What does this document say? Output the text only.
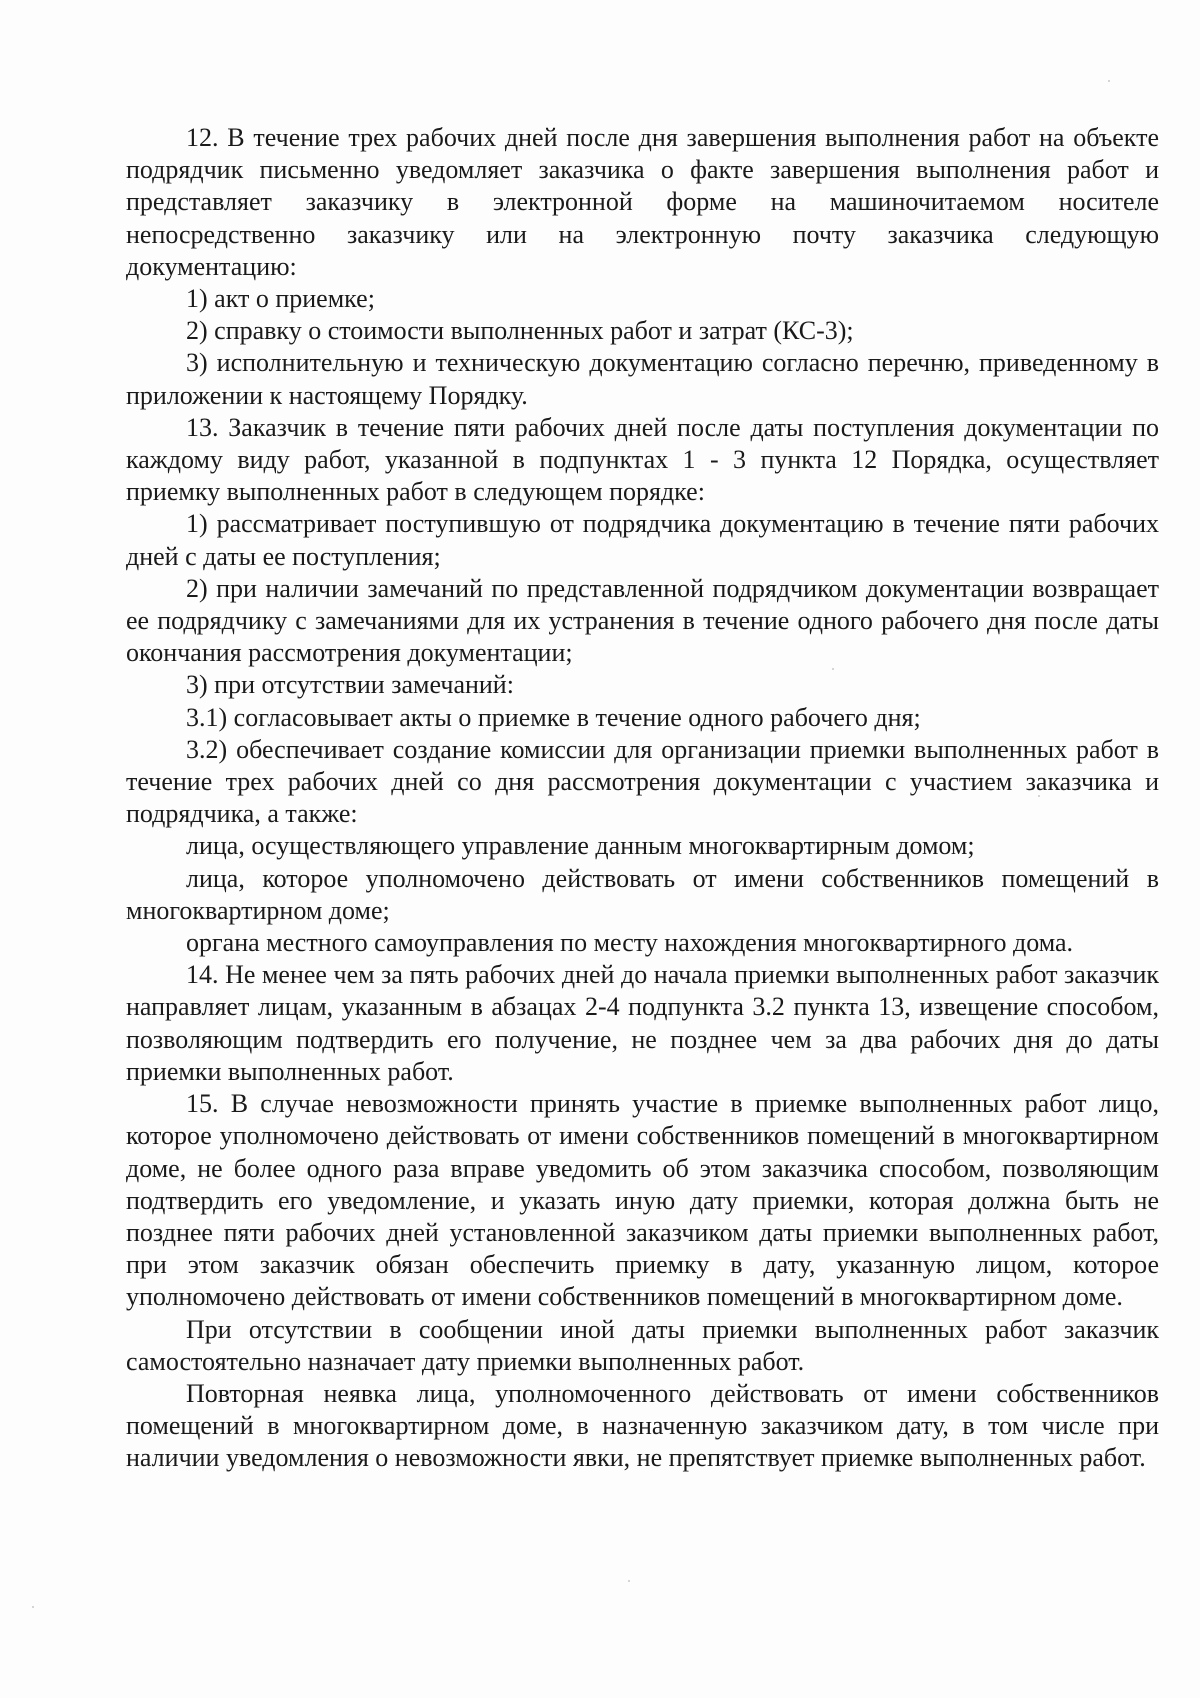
12. В течение трех рабочих дней после дня завершения выполнения работ на объекте подрядчик письменно уведомляет заказчика о факте завершения выполнения работ и представляет заказчику в электронной форме на машиночитаемом носителе непосредственно заказчику или на электронную почту заказчика следующую документацию:

1) акт о приемке;

2) справку о стоимости выполненных работ и затрат (КС-3);

3) исполнительную и техническую документацию согласно перечню, приведенному в приложении к настоящему Порядку.

13. Заказчик в течение пяти рабочих дней после даты поступления документации по каждому виду работ, указанной в подпунктах 1 - 3 пункта 12 Порядка, осуществляет приемку выполненных работ в следующем порядке:

1) рассматривает поступившую от подрядчика документацию в течение пяти рабочих дней с даты ее поступления;

2) при наличии замечаний по представленной подрядчиком документации возвращает ее подрядчику с замечаниями для их устранения в течение одного рабочего дня после даты окончания рассмотрения документации;

3) при отсутствии замечаний:

3.1) согласовывает акты о приемке в течение одного рабочего дня;

3.2) обеспечивает создание комиссии для организации приемки выполненных работ в течение трех рабочих дней со дня рассмотрения документации с участием заказчика и подрядчика, а также:

лица, осуществляющего управление данным многоквартирным домом;

лица, которое уполномочено действовать от имени собственников помещений в многоквартирном доме;

органа местного самоуправления по месту нахождения многоквартирного дома.

14. Не менее чем за пять рабочих дней до начала приемки выполненных работ заказчик направляет лицам, указанным в абзацах 2-4 подпункта 3.2 пункта 13, извещение способом, позволяющим подтвердить его получение, не позднее чем за два рабочих дня до даты приемки выполненных работ.

15. В случае невозможности принять участие в приемке выполненных работ лицо, которое уполномочено действовать от имени собственников помещений в многоквартирном доме, не более одного раза вправе уведомить об этом заказчика способом, позволяющим подтвердить его уведомление, и указать иную дату приемки, которая должна быть не позднее пяти рабочих дней установленной заказчиком даты приемки выполненных работ, при этом заказчик обязан обеспечить приемку в дату, указанную лицом, которое уполномочено действовать от имени собственников помещений в многоквартирном доме.

При отсутствии в сообщении иной даты приемки выполненных работ заказчик самостоятельно назначает дату приемки выполненных работ.

Повторная неявка лица, уполномоченного действовать от имени собственников помещений в многоквартирном доме, в назначенную заказчиком дату, в том числе при наличии уведомления о невозможности явки, не препятствует приемке выполненных работ.
